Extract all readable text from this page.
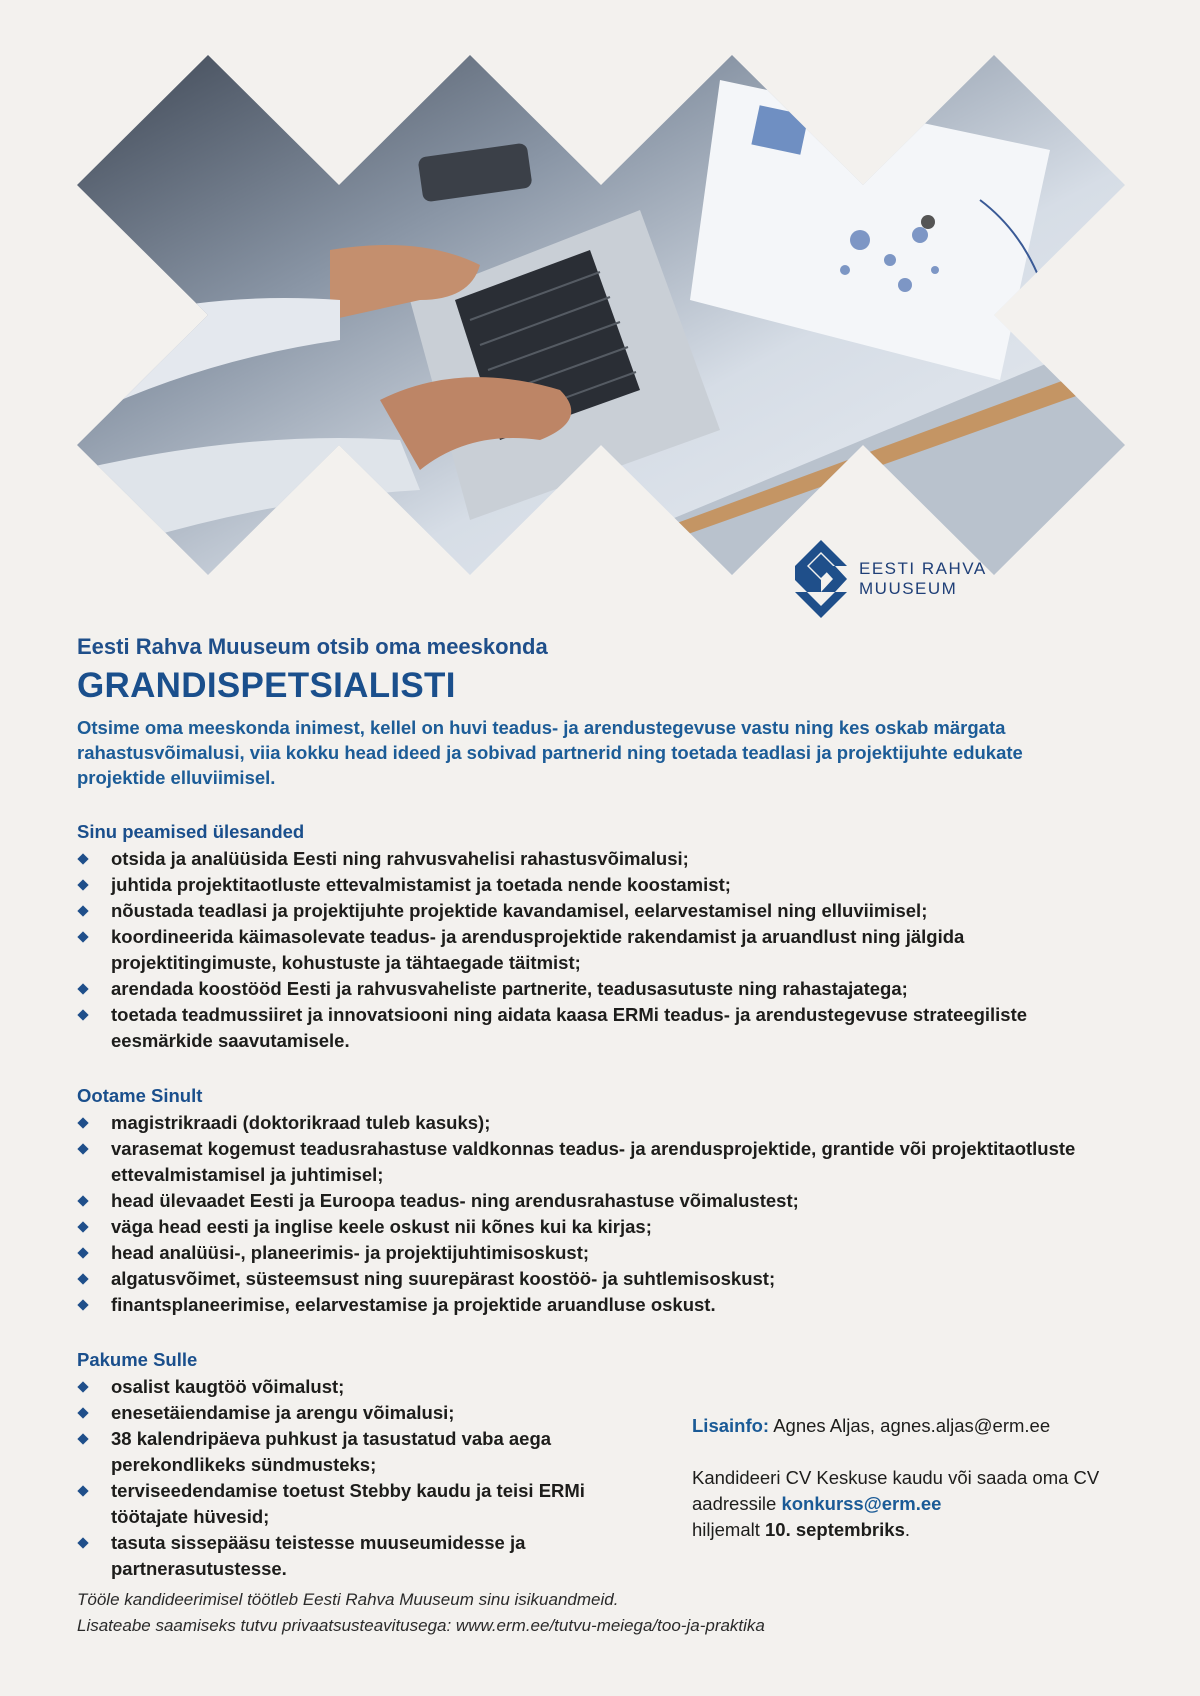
EESTI RAHVA
MUUSEUM

Eesti Rahva Muuseum otsib oma meeskonda

GRANDISPETSIALISTI

Otsime oma meeskonda inimest, kellel on huvi teadus- ja arendustegevuse vastu ning kes oskab märgata rahastusvõimalusi, viia kokku head ideed ja sobivad partnerid ning toetada teadlasi ja projektijuhte edukate projektide elluviimisel.

Sinu peamised ülesanded
otsida ja analüüsida Eesti ning rahvusvahelisi rahastusvõimalusi;
juhtida projektitaotluste ettevalmistamist ja toetada nende koostamist;
nõustada teadlasi ja projektijuhte projektide kavandamisel, eelarvestamisel ning elluviimisel;
koordineerida käimasolevate teadus- ja arendusprojektide rakendamist ja aruandlust ning jälgida projektitingimuste, kohustuste ja tähtaegade täitmist;
arendada koostööd Eesti ja rahvusvaheliste partnerite, teadusasutuste ning rahastajatega;
toetada teadmussiiret ja innovatsiooni ning aidata kaasa ERMi teadus- ja arendustegevuse strateegiliste eesmärkide saavutamisele.
Ootame Sinult
magistrikraadi (doktorikraad tuleb kasuks);
varasemat kogemust teadusrahastuse valdkonnas teadus- ja arendusprojektide, grantide või projektitaotluste ettevalmistamisel ja juhtimisel;
head ülevaadet Eesti ja Euroopa teadus- ning arendusrahastuse võimalustest;
väga head eesti ja inglise keele oskust nii kõnes kui ka kirjas;
head analüüsi-, planeerimis- ja projektijuhtimisoskust;
algatusvõimet, süsteemsust ning suurepärast koostöö- ja suhtlemisoskust;
finantsplaneerimise, eelarvestamise ja projektide aruandluse oskust.
Pakume Sulle
osalist kaugtöö võimalust;
enesetäiendamise ja arengu võimalusi;
38 kalendripäeva puhkust ja tasustatud vaba aega perekondlikeks sündmusteks;
terviseedendamise toetust Stebby kaudu ja teisi ERMi töötajate hüvesid;
tasuta sissepääsu teistesse muuseumidesse ja partnerasutustesse.
Lisainfo: Agnes Aljas, agnes.aljas@erm.ee
Kandideeri CV Keskuse kaudu või saada oma CV aadressile konkurss@erm.ee
hiljemalt 10. septembriks.
Tööle kandideerimisel töötleb Eesti Rahva Muuseum sinu isikuandmeid.
Lisateabe saamiseks tutvu privaatsusteavitusega: www.erm.ee/tutvu-meiega/too-ja-praktika
